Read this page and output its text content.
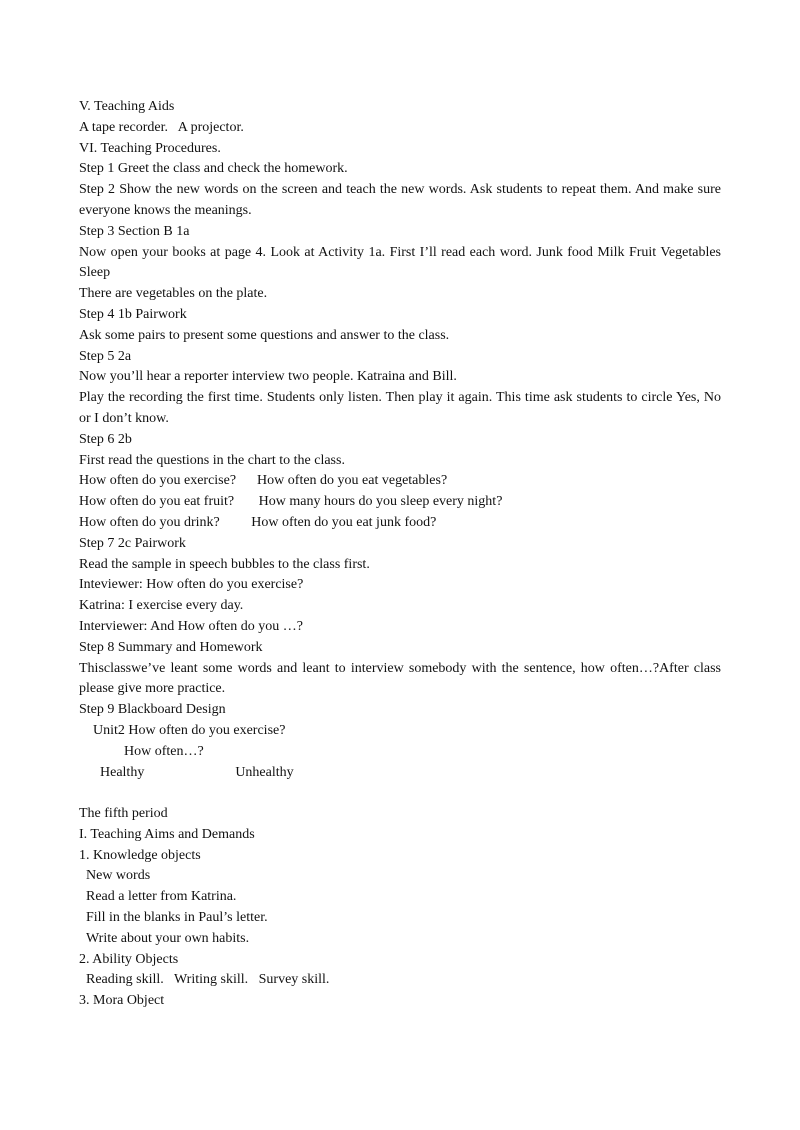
V. Teaching Aids

A tape recorder.   A projector.

VI. Teaching Procedures.

Step 1 Greet the class and check the homework.

Step 2 Show the new words on the screen and teach the new words. Ask students to repeat them. And make sure everyone knows the meanings.

Step 3 Section B 1a

Now open your books at page 4. Look at Activity 1a. First I’ll read each word. Junk food Milk Fruit Vegetables Sleep

There are vegetables on the plate.

Step 4 1b Pairwork

Ask some pairs to present some questions and answer to the class.

Step 5 2a

Now you’ll hear a reporter interview two people. Katraina and Bill.

Play the recording the first time. Students only listen. Then play it again. This time ask students to circle Yes, No or I don’t know.

Step 6 2b

First read the questions in the chart to the class.

How often do you exercise?      How often do you eat vegetables?

How often do you eat fruit?       How many hours do you sleep every night?

How often do you drink?         How often do you eat junk food?

Step 7 2c Pairwork

Read the sample in speech bubbles to the class first.

Inteviewer: How often do you exercise?

Katrina: I exercise every day.

Interviewer: And How often do you …?

Step 8 Summary and Homework

Thisclasswe’ve leant some words and leant to interview somebody with the sentence, how often…?After class please give more practice.

Step 9 Blackboard Design

Unit2 How often do you exercise?

How often…?

Healthy                          Unhealthy

The fifth period

I. Teaching Aims and Demands

1. Knowledge objects

New words

Read a letter from Katrina.

Fill in the blanks in Paul’s letter.

Write about your own habits.

2. Ability Objects

Reading skill.   Writing skill.   Survey skill.

3. Mora Object
